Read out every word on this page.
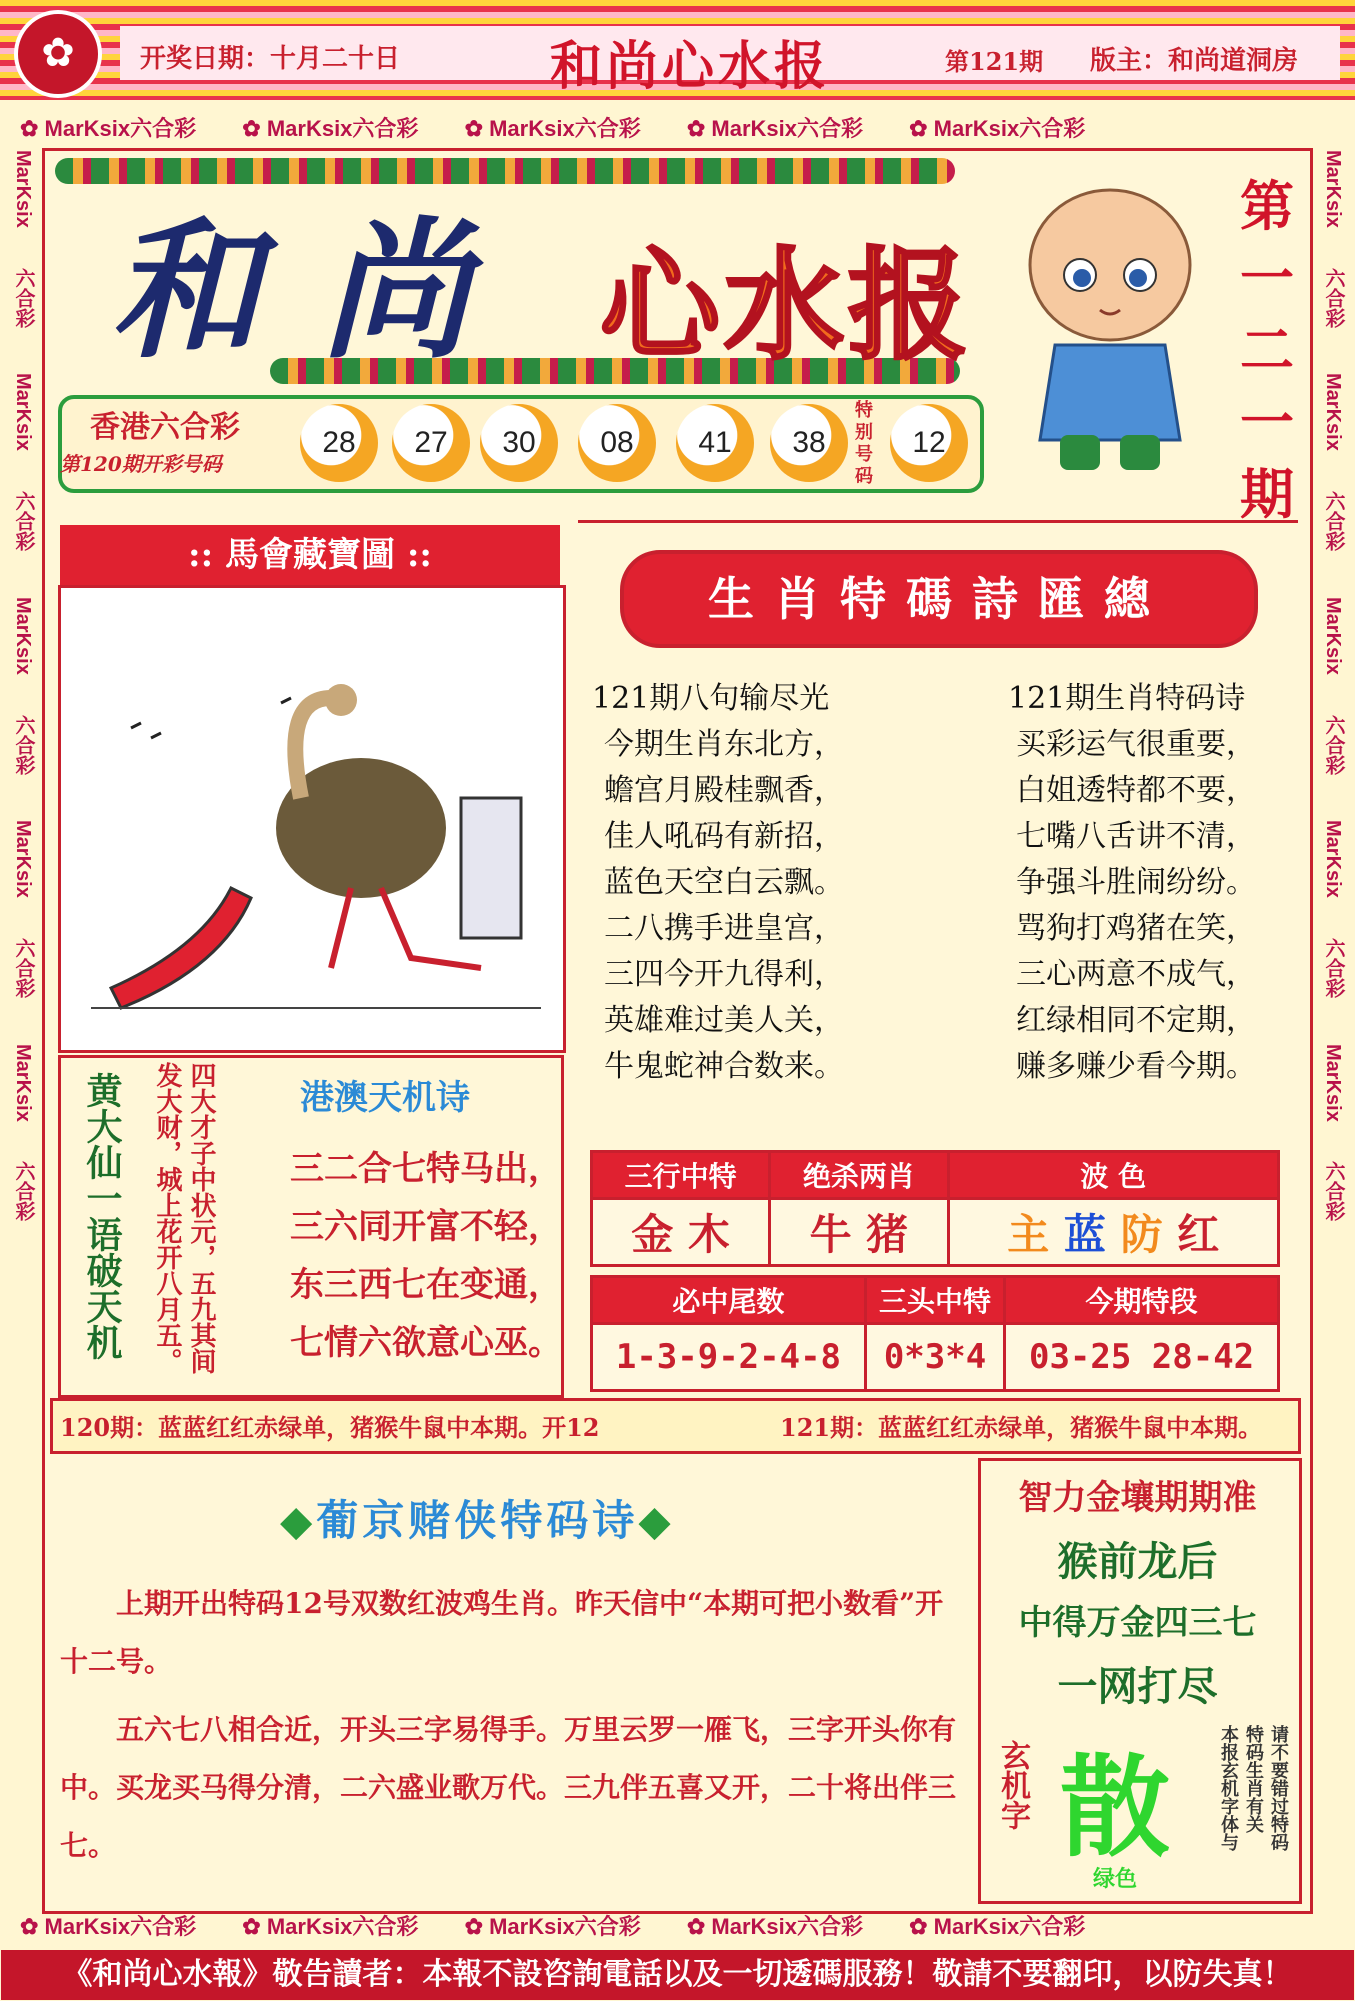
✿	开奖日期：十月二十日	和尚心水报	第121期 版主：和尚道洞房
✿ MarKsix六合彩 ✿ MarKsix六合彩 ✿ MarKsix六合彩 ✿ MarKsix六合彩 ✿ MarKsix六合彩
✿ MarKsix六合彩 ✿ MarKsix六合彩 ✿ MarKsix六合彩 ✿ MarKsix六合彩 ✿ MarKsix六合彩
MarKsix六合彩 MarKsix六合彩 MarKsix六合彩 MarKsix六合彩 MarKsix六合彩
MarKsix六合彩 MarKsix六合彩 MarKsix六合彩 MarKsix六合彩 MarKsix六合彩
和尚 心水报
第一二一期
香港六合彩
第120期开彩号码
28	27	30	08	41	38
特别号码
12
:: 馬會藏寶圖 ::
生肖特碼詩匯總
121期八句输尽光
今期生肖东北方，
蟾宫月殿桂飘香，
佳人吼码有新招，
蓝色天空白云飘。
二八携手进皇宫，
三四今开九得利，
英雄难过美人关，
牛鬼蛇神合数来。
121期生肖特码诗
买彩运气很重要，
白姐透特都不要，
七嘴八舌讲不清，
争强斗胜闹纷纷。
骂狗打鸡猪在笑，
三心两意不成气，
红绿相同不定期，
赚多赚少看今期。
黄大仙一语破天机	四大才子中状元，五九其间发大财，城上花开八月五。	港澳天机诗
三二合七特马出，
三六同开富不轻，
东三西七在变通，
七情六欲意心巫。
三行中特	绝杀两肖	波 色
金 木	牛 猪	主 蓝 防 红
必中尾数	三头中特	今期特段
1-3-9-2-4-8	0*3*4	03-25 28-42
120期：蓝蓝红红赤绿单，猪猴牛鼠中本期。开12	121期：蓝蓝红红赤绿单，猪猴牛鼠中本期。
◆葡京赌侠特码诗◆

上期开出特码12号双数红波鸡生肖。昨天信中“本期可把小数看”开十二号。

五六七八相合近，开头三字易得手。万里云罗一雁飞，三字开头你有中。买龙买马得分清，二六盛业歌万代。三九伴五喜又开，二十将出伴三七。

智力金壤期期准
猴前龙后
中得万金四三七
一网打尽
玄机字 散
绿色
请不要错过特码
特码生肖有关
本报玄机字体与
《和尚心水報》敬告讀者：本報不設咨詢電話以及一切透碼服務！敬請不要翻印，以防失真！
